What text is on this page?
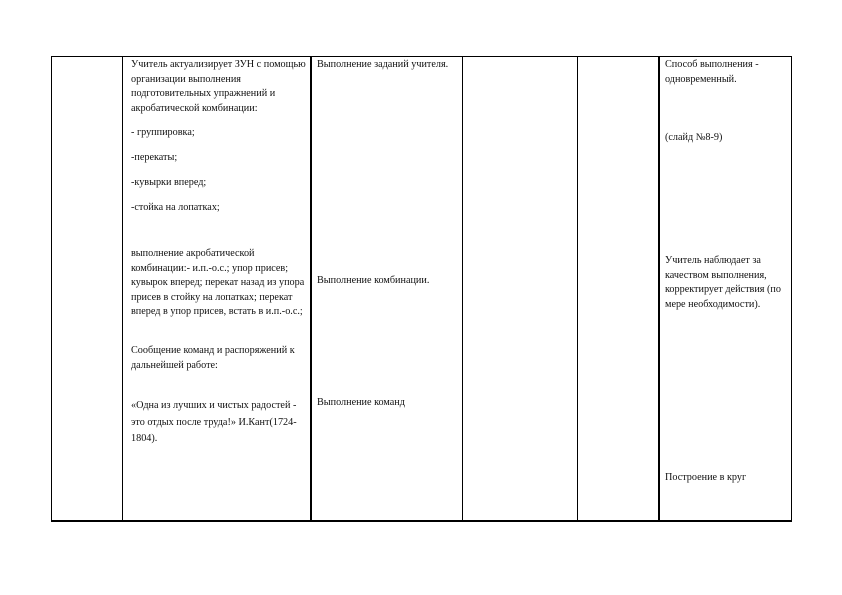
Учитель актуализирует ЗУН с помощью организации выполнения подготовительных упражнений и акробатической комбинации:
- группировка;
-перекаты;
-кувырки вперед;
-стойка на лопатках;
выполнение акробатической комбинации:- и.п.-о.с.; упор присев; кувырок вперед; перекат назад из упора присев в стойку на лопатках; перекат вперед в упор присев, встать в и.п.-о.с.;
Сообщение команд и распоряжений к дальнейшей работе:
«Одна из лучших и чистых радостей - это отдых после труда!» И.Кант(1724-1804).
Выполнение заданий учителя.
Выполнение комбинации.
Выполнение команд
Способ выполнения - одновременный.
(слайд №8-9)
Учитель наблюдает за качеством выполнения, корректирует действия (по мере необходимости).
Построение в круг
